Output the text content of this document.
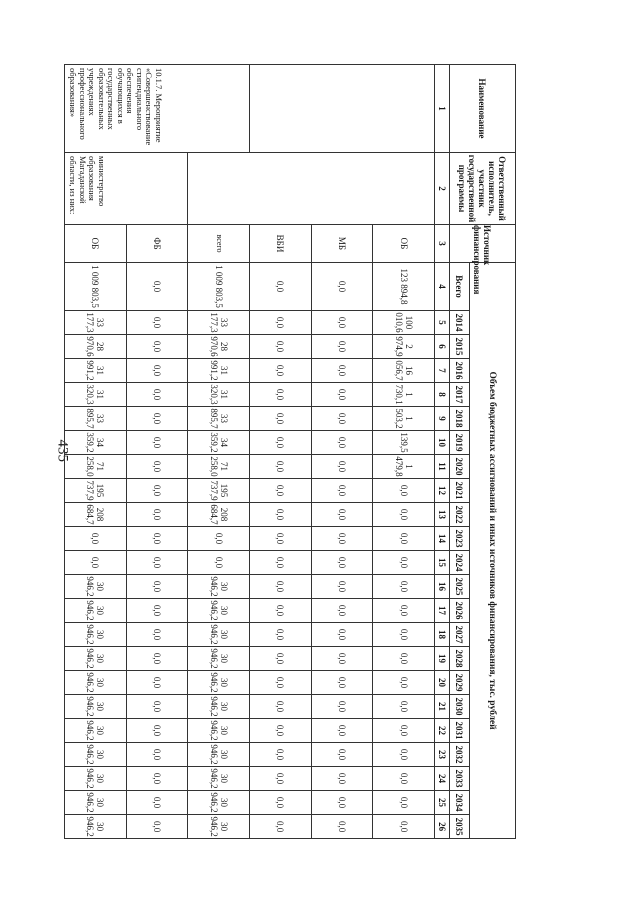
435
Наименование	Ответственный исполнитель, участник государственной программы	Источник финансирования	Объем бюджетных ассигнований и иных источников финансирования, тыс. рублей																						
			Всего	2014	2015	2016	2017	2018	2019	2020	2021	2022	2023	2024	2025	2026	2027	2028	2029	2030	2031	2032	2033	2034	2035
1	2	3	4	5	6	7	8	9	10	11	12	13	14	15	16	17	18	19	20	21	22	23	24	25	26
		ОБ	123 894,8	100 010,6	2 974,9	16 056,7	1 730,1	1 503,2	139,5	1 479,8	0,0	0,0	0,0	0,0	0,0	0,0	0,0	0,0	0,0	0,0	0,0	0,0	0,0	0,0	0,0
		МБ	0,0	0,0	0,0	0,0	0,0	0,0	0,0	0,0	0,0	0,0	0,0	0,0	0,0	0,0	0,0	0,0	0,0	0,0	0,0	0,0	0,0	0,0	0,0
		ВБИ	0,0	0,0	0,0	0,0	0,0	0,0	0,0	0,0	0,0	0,0	0,0	0,0	0,0	0,0	0,0	0,0	0,0	0,0	0,0	0,0	0,0	0,0	0,0
10.1.7. Мероприятие «Совершенствование стипендиального обеспечения обучающихся в государственных образовательных учреждениях профессионального образования»		всего	1 009 803,5	33 177,3	28 970,6	31 991,2	31 320,3	33 895,7	34 359,2	71 258,0	195 737,9	208 684,7	0,0	0,0	30 946,2	30 946,2	30 946,2	30 946,2	30 946,2	30 946,2	30 946,2	30 946,2	30 946,2	30 946,2	30 946,2
	министерство образования Магаданской области, из них:	ФБ	0,0	0,0	0,0	0,0	0,0	0,0	0,0	0,0	0,0	0,0	0,0	0,0	0,0	0,0	0,0	0,0	0,0	0,0	0,0	0,0	0,0	0,0	0,0
		ОБ	1 009 803,5	33 177,3	28 970,6	31 991,2	31 320,3	33 895,7	34 359,2	71 258,0	195 737,9	208 684,7	0,0	0,0	30 946,2	30 946,2	30 946,2	30 946,2	30 946,2	30 946,2	30 946,2	30 946,2	30 946,2	30 946,2	30 946,2
